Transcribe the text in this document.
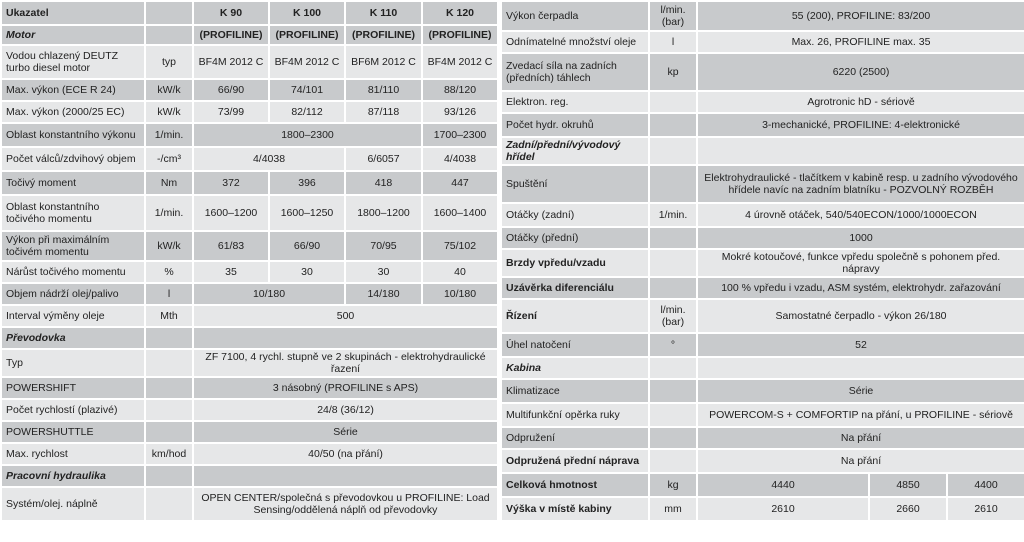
Ukazatel		K 90	K 100	K 110	K 120
Motor		(PROFILINE)	(PROFILINE)	(PROFILINE)	(PROFILINE)
Vodou chlazený DEUTZ turbo diesel motor	typ	BF4M 2012 C	BF4M 2012 C	BF6M 2012 C	BF4M 2012 C
Max. výkon (ECE R 24)	kW/k	66/90	74/101	81/110	88/120
Max. výkon (2000/25 EC)	kW/k	73/99	82/112	87/118	93/126
Oblast konstantního výkonu	1/min.	1800–2300			1700–2300
Počet válců/zdvihový objem	-/cm³	4/4038		6/6057	4/4038
Točivý moment	Nm	372	396	418	447
Oblast konstantního točivého momentu	1/min.	1600–1200	1600–1250	1800–1200	1600–1400
Výkon při maximálním točivém momentu	kW/k	61/83	66/90	70/95	75/102
Nárůst točivého momentu	%	35	30	30	40
Objem nádrží olej/palivo	l	10/180		14/180	10/180
Interval výměny oleje	Mth	500			
Převodovka					
Typ		ZF 7100, 4 rychl. stupně ve 2 skupinách - elektrohydraulické řazení			
POWERSHIFT		3 násobný (PROFILINE s APS)			
Počet rychlostí (plazivé)		24/8 (36/12)			
POWERSHUTTLE		Série			
Max. rychlost	km/hod	40/50 (na přání)			
Pracovní hydraulika					
Systém/olej. náplně		OPEN CENTER/společná s převodovkou u PROFILINE: Load Sensing/oddělená náplň od převodovky			
Výkon čerpadla	l/min. (bar)	55 (200), PROFILINE: 83/200		
Odnímatelné množství oleje	l	Max. 26, PROFILINE max. 35		
Zvedací síla na zadních (předních) táhlech	kp	6220 (2500)		
Elektron. reg.		Agrotronic hD - sériově		
Počet hydr. okruhů		3-mechanické, PROFILINE: 4-elektronické		
Zadní/přední/vývodový hřídel				
Spuštění		Elektrohydraulické - tlačítkem v kabině resp. u zadního vývodového hřídele navíc na zadním blatníku - POZVOLNÝ ROZBĚH		
Otáčky (zadní)	1/min.	4 úrovně otáček, 540/540ECON/1000/1000ECON		
Otáčky (přední)		1000		
Brzdy vpředu/vzadu		Mokré kotoučové, funkce vpředu společně s pohonem před. nápravy		
Uzávěrka diferenciálu		100 % vpředu i vzadu, ASM systém, elektrohydr. zařazování		
Řízení	l/min. (bar)	Samostatné čerpadlo - výkon 26/180		
Úhel natočení	°	52		
Kabina				
Klimatizace		Série		
Multifunkční opěrka ruky		POWERCOM-S + COMFORTIP na přání, u PROFILINE - sériově		
Odpružení		Na přání		
Odpružená přední náprava		Na přání		
Celková hmotnost	kg	4440	4850	4400
Výška v místě kabiny	mm	2610	2660	2610
